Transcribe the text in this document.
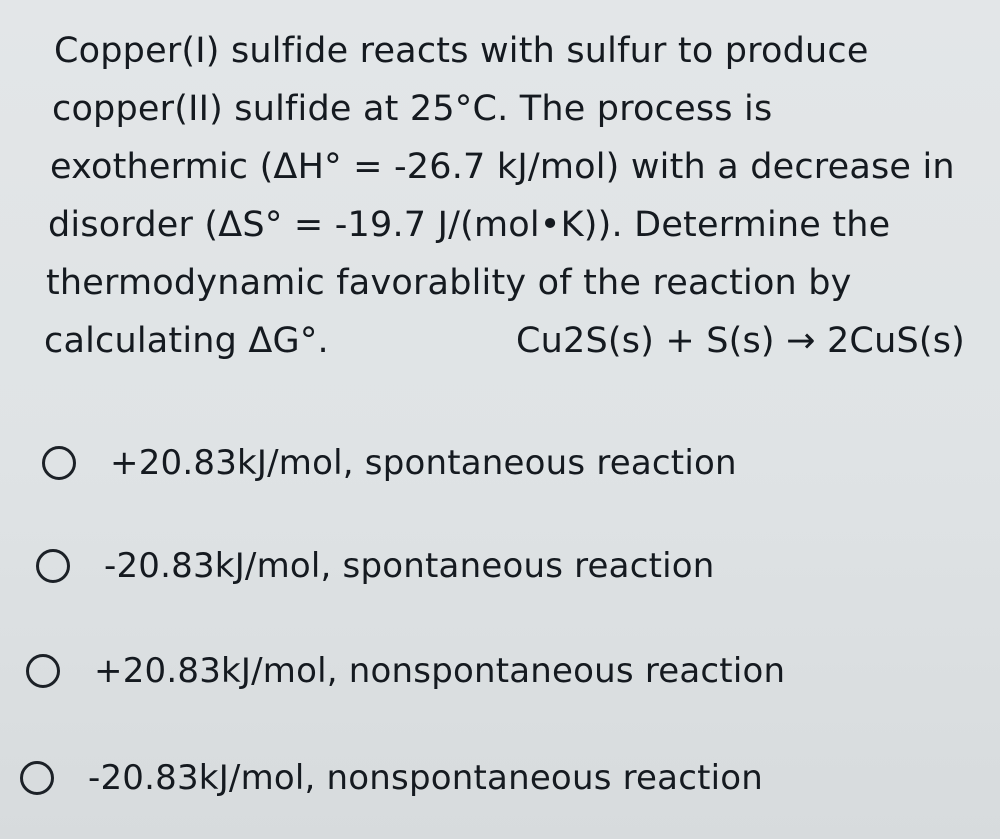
Copper(I) sulfide reacts with sulfur to produce
copper(II) sulfide at 25°C. The process is
exothermic (ΔH° = -26.7 kJ/mol) with a decrease in
disorder (ΔS° = -19.7 J/(mol•K)). Determine the
thermodynamic favorablity of the reaction by
calculating ΔG°.	Cu2S(s) + S(s) → 2CuS(s)
+20.83kJ/mol, spontaneous reaction
-20.83kJ/mol, spontaneous reaction
+20.83kJ/mol, nonspontaneous reaction
-20.83kJ/mol, nonspontaneous reaction
